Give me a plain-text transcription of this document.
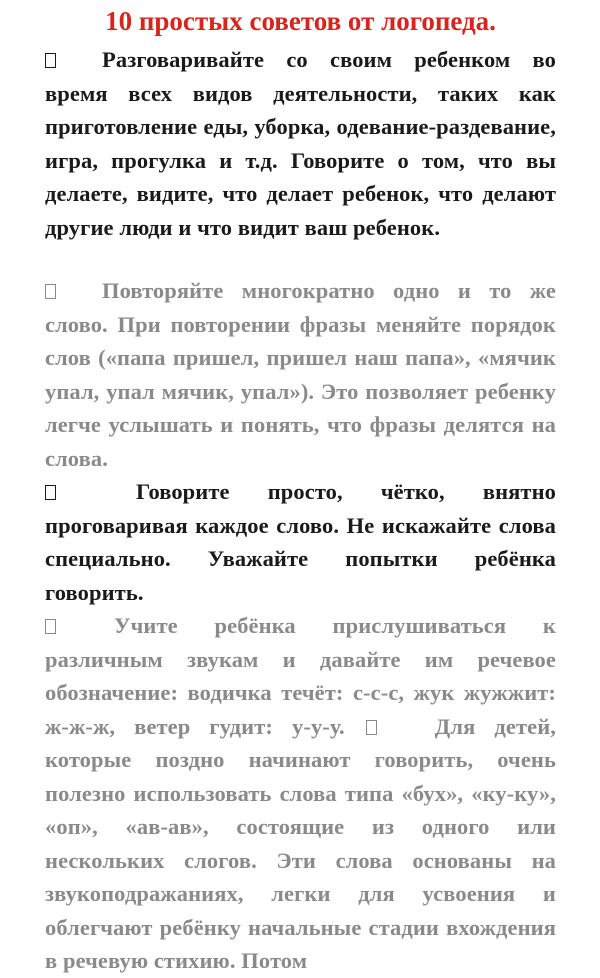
10 простых советов от логопеда.

Разговаривайте со своим ребенком во время всех видов деятельности, таких как приготовление еды, уборка, одевание-раздевание, игра, прогулка и т.д. Говорите о том, что вы делаете, видите, что делает ребенок, что делают другие люди и что видит ваш ребенок.

Повторяйте многократно одно и то же слово. При повторении фразы меняйте порядок слов («папа пришел, пришел наш папа», «мячик упал, упал мячик, упал»). Это позволяет ребенку легче услышать и понять, что фразы делятся на слова.

Говорите просто, чётко, внятно проговаривая каждое слово. Не искажайте слова специально. Уважайте попытки ребёнка говорить.

Учите ребёнка прислушиваться к различным звукам и давайте им речевое обозначение: водичка течёт: с-с-с, жук жужжит: ж-ж-ж, ветер гудит: у-у-у.	Для детей, которые поздно начинают говорить, очень полезно использовать слова типа «бух», «ку-ку», «оп», «ав-ав», состоящие из одного или нескольких слогов. Эти слова основаны на звукоподражаниях, легки для усвоения и облегчают ребёнку начальные стадии вхождения в речевую стихию. Потом
